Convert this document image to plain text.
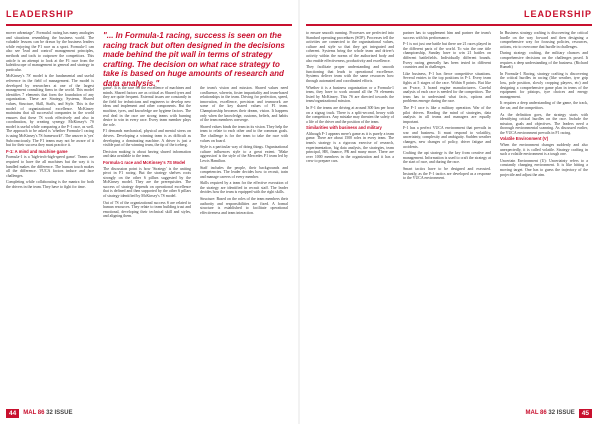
LEADERSHIP	LEADERSHIP

mover advantage". Formula1 racing has many analogies and situations resembling the business world. The valuable lessons can be drawn by the business leaders while enjoying the F1 race as a sport. Formula-1 can also see 'lead and control' management principles, methods and tools to outpower the competitors. This article is an attempt to look at the F1 race from the kaleidoscope of management in general and strategy in particular.

McKinsey's 7S' model is the fundamental and useful reference in the field of management. The model is developed by researchers at one of the largest management consulting firms in the world. This model identifies 7 elements that form the foundation of any organization. These are Strategy, Systems, Shared values, Structure, Skill, Staffs, and Style. This is the model of organizational excellence. McKinsey maintains that all successful companies in the world ensures that these 7S work effectively and also in coordination, by creating synergy. McKinsey's 7S model is useful while comparing a the F-1 race, as well. The approach to be asked is 'whether Formula-1 racing is using McKinsey's 7S framework?'. The answer is 'yes' Subconsciously. The F1 teams may not be aware of it but for their success they must practice it.

F-1: A mind and machine game

Formula-1 is a 'high-tech-high-speed game'. Teams are required to have the all machines but the way it is handled makes the difference. The human touch makes all the difference. VUCA factors induce and face challenges.

Completing while collaborating is the mantra for both the drivers in the team. They have to fight for time.

"... In Formula-1 racing, success is seen on the racing track but often designed in the decisions made behind the pit wall in terms of strategy crafting. The decision on what race strategy to take is based on huge amounts of research and data analysis."

game'. It is the race for the excellence of machines and minds. Shared factors are as critical as Shared tyres and they are quite frequent. External issues are constantly in the field for technicians and engineers to develop new ideas and implement and other components. But the machine, tyres, and knowledge are hygiene factors. The real deal in the race are strong teams with burning desire to win in every race. Every team member plays the role.

F1 demands mechanical, physical and mental stress on drivers. Developing a winning team is as difficult as developing a dominating machine. A driver is just a visible part of the winning team, the tip of the iceberg.

Decision making is about having shared information and data available to the team.

Formula-1 race and McKinsey's 7S Model

The discussion point is how 'Strategy' is the uniting pivot in F1 racing. But the strategy shelves roots strongly on the other 6 pillars suggested by the McKinsey model. They are the prerequisites. The success of strategy depends on operational excellence that is defined and then supported by the other 6 pillars of strategy identified by McKinsey's 7S model.

Out of 7S of the organizational success S are related to human resources. They relate to team building trust and emotional, developing their technical skill and styles, and aligning them.

the team's vision and mission. Shared values need confluence, wherein, foster impartiality and team-based relationships in the team. Driving for perfection, speed, innovation, excellence, precision and teamwork are some of the key shared values of F1 team. Championship becomes their dream, vision. It happens only when the knowledge, customs, beliefs, and habits of the team members converge.

Shared values binds the team in its vision. They help the team to relate to each other and to the common goals. The challenge is for the team to take the race with values on board.

Style is a particular way of doing things. Organizational culture influences style to a great extent. 'Make aggression' is the style of the Mercedes F1 team led by Lewis Hamilton.

Staff includes the people, their backgrounds and competencies. The leader decides how to recruit, train and manage careers of every member.

Skills required by a team for the effective execution of the strategy are identified in recruit staff. The leader decides how the team is equipped with the right skills.

Structure: Based on the roles of the team members their authority and responsibilities are fixed. A formal structure is established to facilitate operational effectiveness and team interaction.

to ensure smooth running. Processes are perfected into Standard operating procedures (SOP). Processes tell the activities are connected to the organizational values, culture and style so that they get integrated and coherent. Systems bring the whole team and driver's activity within the norms of the authorized body and also enable effectiveness, productivity and excellence.

They facilitate proper understanding and smooth functioning that leads to operational excellence. Systems deliver team with the same resources how through automated and coordinated efforts.

Whether it is a business organization or a Formula-1 team, they have to work around all the 7S elements listed by McKinsey. This 7S are directed towards the team/organizational mission.

In F-1 the teams are driving at around 300 km per hour on a zigzag track. There is a split-second, heavy with the competitors. Any mistake may threaten the safety of a life of the driver and the position of the team.

Similarities with business and military

Although F-1 appears mere's game as it is purely a team game. There are about 1500 roles in every team. The team's strategy is a rigorous exercise of research, experimentation, big data analysis, the strategies, team principal, HR, finance, PR and many more. There are over 1000 members in the organization and it has a crew to prepare cars.

partner has to supplement him and partner the team's success with his performance.

F-1 is not just one battle but there are 21 races played in the different parts of the world. To win the one title championship, Sunday have to win 21 battles on different battlefields. Individually different brands. Every racing generally has been tested in different countries and in challenges.

Like business, F-1 has fierce competitive situations. Several entries to the top positions in F-1. Every team fights at 5 stages of the race. Within 8 points. But like an F-race, 3 brand engine manufacturers. Careful analysis of each race is needed for the competitors. The team has to understand what facts, options and problems emerge during the race.

The F-1 race is like a military operation. War of the pilot drivers. Reading the mind of strategies, data analysis in all teams and managers are equally important.

F-1 has a perfect VUCA environment that prevails in war and business. It must respond to volatility, uncertainty, complexity and ambiguity. Sudden weather changes, new changes of policy, driver fatigue and accidents.

Crafting the apt strategy is the key from creative and management. Information is used to craft the strategy at the start of race, and during the race.

Smart tactics have to be designed and executed. Instantly, as the F-1 tactics are developed as a response to the VUCA environment.

In Business strategy crafting is discovering the critical hurdle on the way forward and then designing a comprehensive way for focusing policies, resources, actions, etc to overcome that hurdle in challenges.

During strategy crafting, the military chances and comprehensive decisions on the challenges posed. It requires a deep understanding of the business. (Richard Rumelt)

In Formula-1 Racing, strategy crafting is discovering the critical hurdles in racing (like weather, tyre grip loss, pole position, slowly cropping players, etc) and designing a comprehensive game plan in terms of the equipment for pitstops, tyre choices and energy management.

It requires a deep understanding of the game, the track, the car, and the competitors.

As the definition goes, the strategy starts with identifying critical hurdles on the race. Include the mission, goals and objectives. The leaders need a thorough environmental scanning. As discussed earlier, the VUCA environment prevails in F1 racing.

Volatile Environment (V)

When the environment changes suddenly and also unexpectedly, it is called volatile. Strategy crafting in such a volatile environment is a tough one.

Uncertain Environment (U): Uncertainty refers to a constantly changing environment. It is like hitting a moving target. One has to guess the trajectory of the projectile and adjust the aim.

44	MAL 86 32 ISSUE	MAL 86 32 ISSUE	45
